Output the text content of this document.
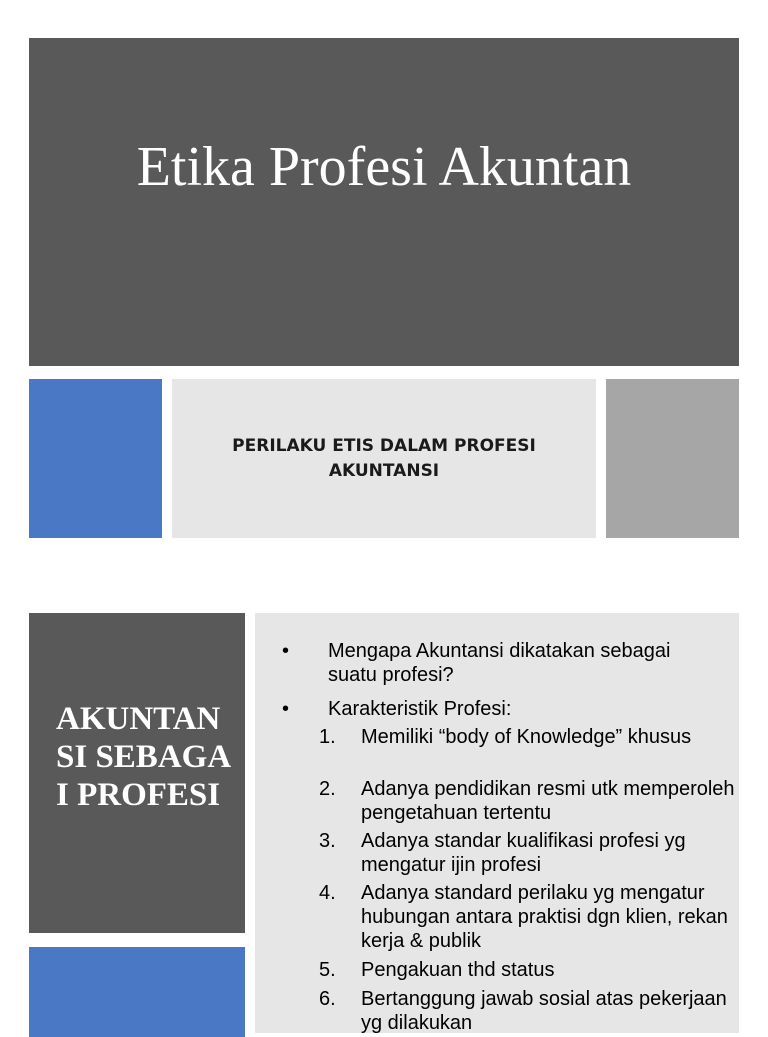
Etika Profesi Akuntan
PERILAKU ETIS DALAM PROFESI AKUNTANSI
AKUNTANSI SEBAGAI PROFESI
• Mengapa Akuntansi dikatakan sebagai suatu profesi?
• Karakteristik Profesi:
1.	Memiliki “body of Knowledge” khusus
2.	Adanya pendidikan resmi utk memperoleh pengetahuan tertentu
3.	Adanya standar kualifikasi profesi yg mengatur ijin profesi
4.	Adanya standard perilaku yg mengatur hubungan antara praktisi dgn klien, rekan kerja & publik
5.	Pengakuan thd status
6.	Bertanggung jawab sosial atas pekerjaan yg dilakukan
